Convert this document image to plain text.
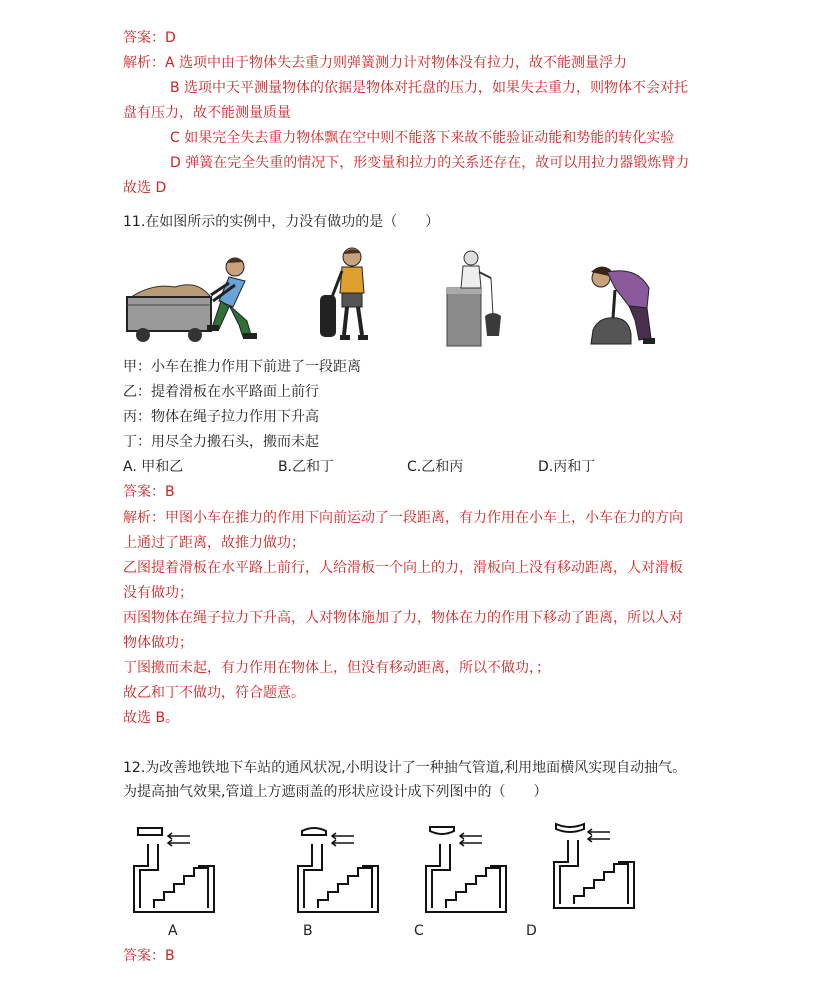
答案：D
解析：A 选项中由于物体失去重力则弹簧测力计对物体没有拉力，故不能测量浮力
B 选项中天平测量物体的依据是物体对托盘的压力，如果失去重力，则物体不会对托
盘有压力，故不能测量质量
C 如果完全失去重力物体飘在空中则不能落下来故不能验证动能和势能的转化实验
D 弹簧在完全失重的情况下，形变量和拉力的关系还存在，故可以用拉力器锻炼臂力
故选 D
11.在如图所示的实例中，力没有做功的是（　　）
甲：小车在推力作用下前进了一段距离
乙：提着滑板在水平路面上前行
丙：物体在绳子拉力作用下升高
丁：用尽全力搬石头，搬而未起
A. 甲和乙	B.乙和丁	C.乙和丙	D.丙和丁
答案：B
解析：甲图小车在推力的作用下向前运动了一段距离，有力作用在小车上，小车在力的方向
上通过了距离，故推力做功；
乙图提着滑板在水平路上前行，人给滑板一个向上的力，滑板向上没有移动距离，人对滑板
没有做功；
丙图物体在绳子拉力下升高，人对物体施加了力，物体在力的作用下移动了距离，所以人对
物体做功；
丁图搬而未起，有力作用在物体上，但没有移动距离，所以不做功，；
故乙和丁不做功，符合题意。
故选 B。
12.为改善地铁地下车站的通风状况,小明设计了一种抽气管道,利用地面横风实现自动抽气。
为提高抽气效果,管道上方遮雨盖的形状应设计成下列图中的（　　）
A	B	C	D
答案：B
